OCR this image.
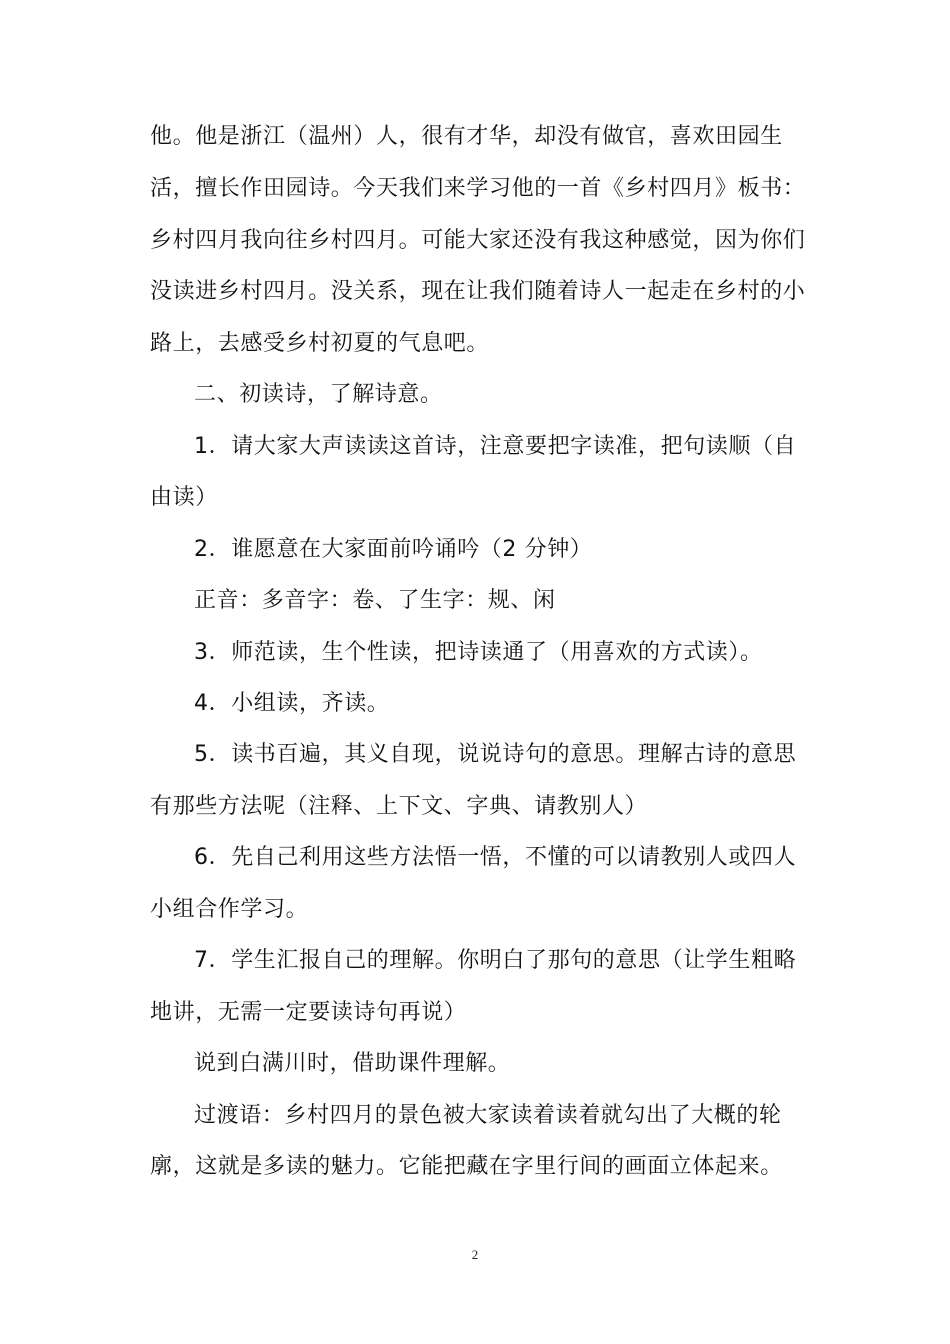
他。他是浙江（温州）人，很有才华，却没有做官，喜欢田园生
活，擅长作田园诗。今天我们来学习他的一首《乡村四月》板书：
乡村四月我向往乡村四月。可能大家还没有我这种感觉，因为你们
没读进乡村四月。没关系，现在让我们随着诗人一起走在乡村的小
路上，去感受乡村初夏的气息吧。
二、初读诗，了解诗意。
1．请大家大声读读这首诗，注意要把字读准，把句读顺（自
由读）
2．谁愿意在大家面前吟诵吟（2 分钟）
正音：多音字：卷、了生字：规、闲
3．师范读，生个性读，把诗读通了（用喜欢的方式读）。
4．小组读，齐读。
5．读书百遍，其义自现，说说诗句的意思。理解古诗的意思
有那些方法呢（注释、上下文、字典、请教别人）
6．先自己利用这些方法悟一悟，不懂的可以请教别人或四人
小组合作学习。
7．学生汇报自己的理解。你明白了那句的意思（让学生粗略
地讲，无需一定要读诗句再说）
说到白满川时，借助课件理解。
过渡语：乡村四月的景色被大家读着读着就勾出了大概的轮
廓，这就是多读的魅力。它能把藏在字里行间的画面立体起来。
2
